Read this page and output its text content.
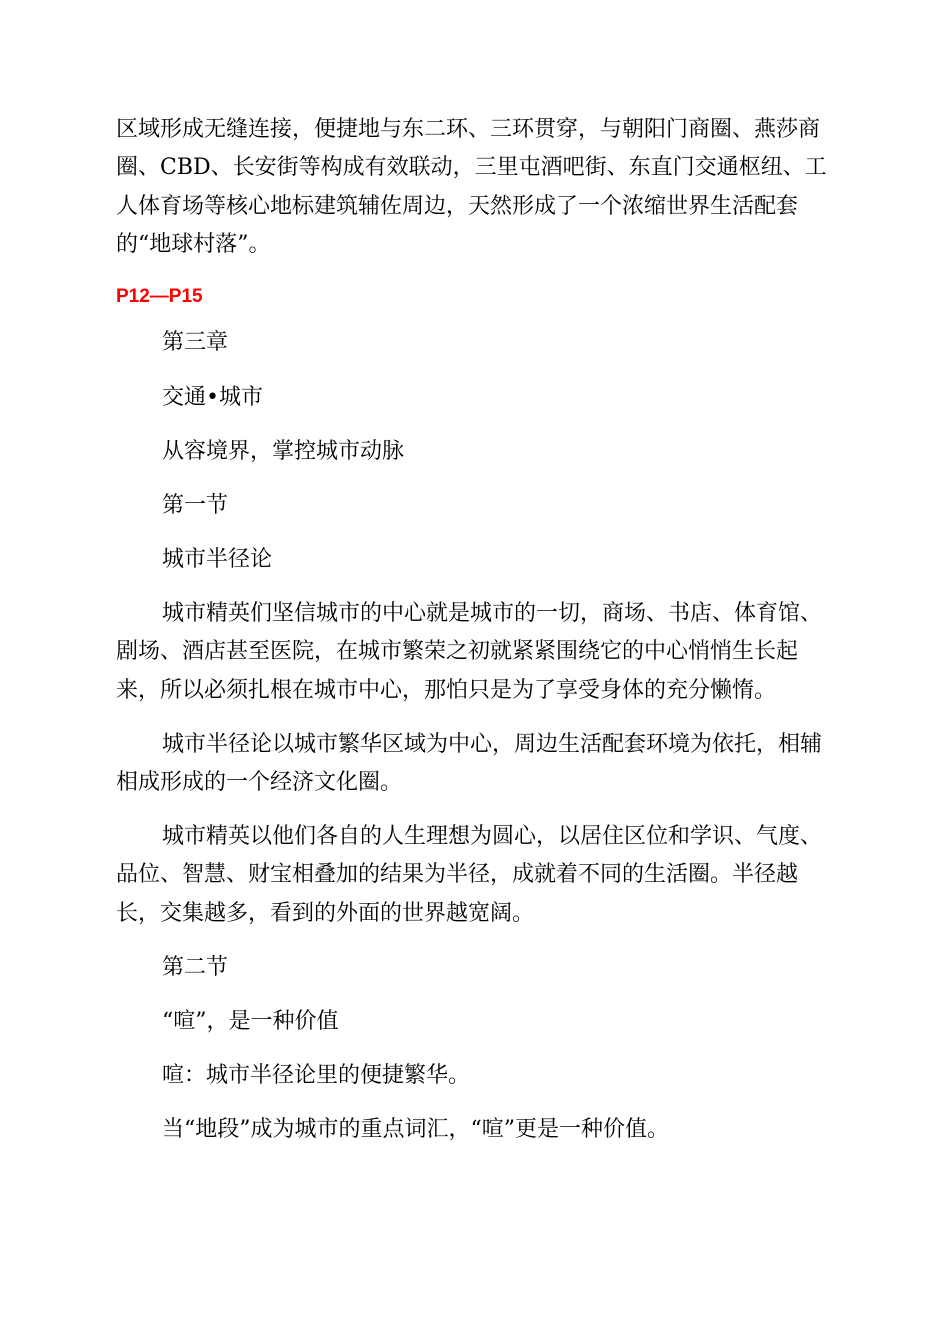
区域形成无缝连接，便捷地与东二环、三环贯穿，与朝阳门商圈、燕莎商
圈、CBD、长安街等构成有效联动，三里屯酒吧街、东直门交通枢纽、工
人体育场等核心地标建筑辅佐周边，天然形成了一个浓缩世界生活配套
的“地球村落”。
P12—P15
第三章
交通•城市
从容境界，掌控城市动脉
第一节
城市半径论
城市精英们坚信城市的中心就是城市的一切，商场、书店、体育馆、
剧场、酒店甚至医院，在城市繁荣之初就紧紧围绕它的中心悄悄生长起
来，所以必须扎根在城市中心，那怕只是为了享受身体的充分懒惰。
城市半径论以城市繁华区域为中心，周边生活配套环境为依托，相辅
相成形成的一个经济文化圈。
城市精英以他们各自的人生理想为圆心，以居住区位和学识、气度、
品位、智慧、财宝相叠加的结果为半径，成就着不同的生活圈。半径越
长，交集越多，看到的外面的世界越宽阔。
第二节
“喧”，是一种价值
喧：城市半径论里的便捷繁华。
当“地段”成为城市的重点词汇，“喧”更是一种价值。
